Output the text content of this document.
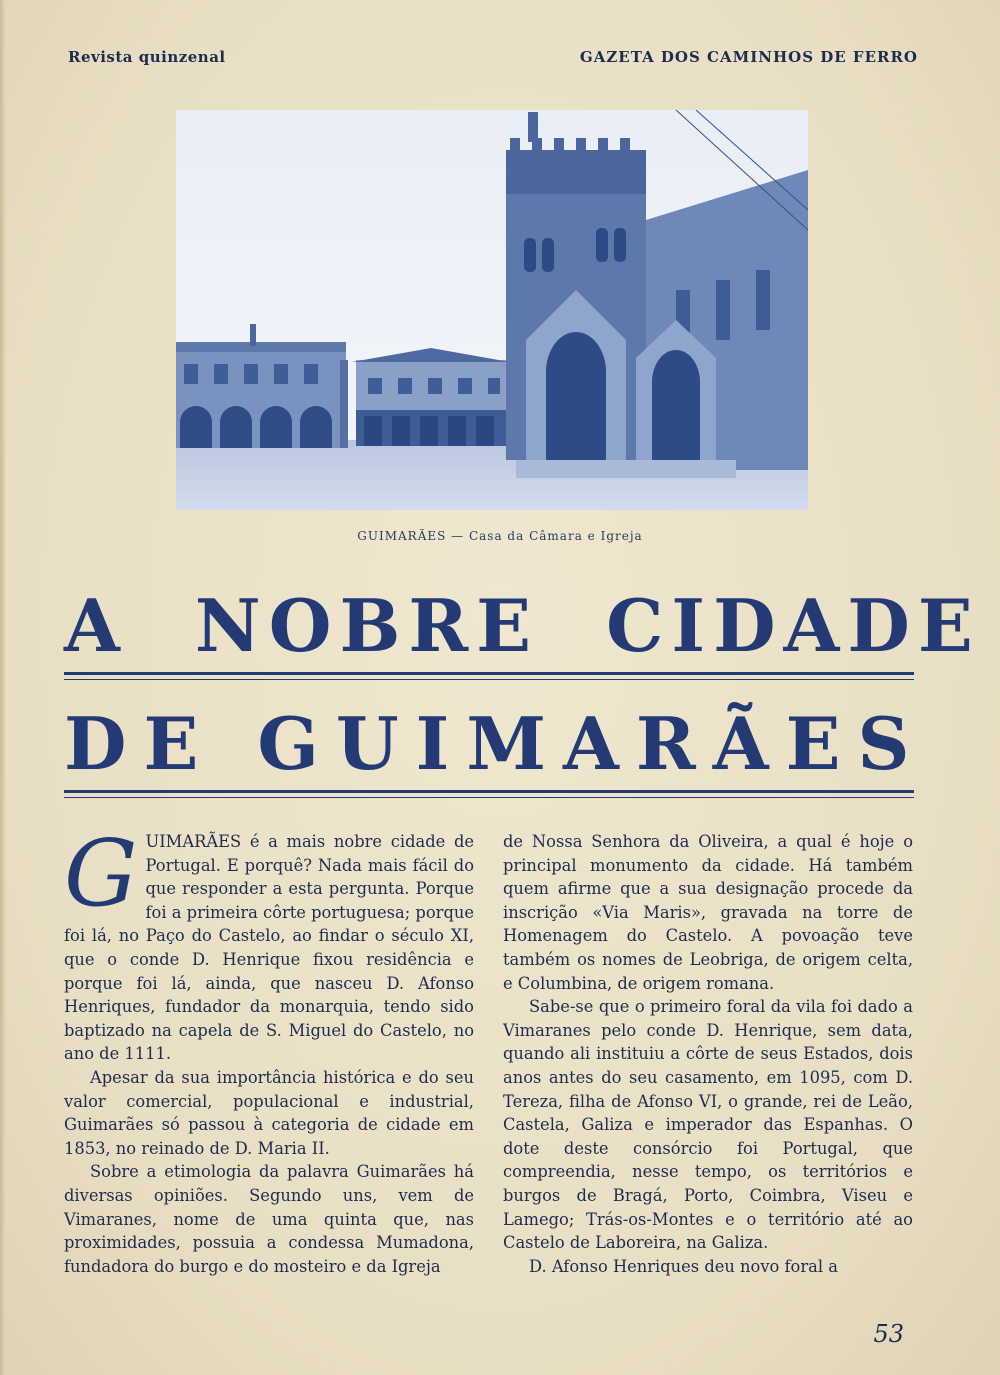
Revista quinzenal	GAZETA DOS CAMINHOS DE FERRO
GUIMARÃES — Casa da Câmara e Igreja
A NOBRE CIDADE
DE GUIMARÃES
G UIMARÃES é a mais nobre cidade de Portugal. E porquê? Nada mais fácil do que responder a esta pergunta. Porque foi a primeira côrte portuguesa; porque foi lá, no Paço do Castelo, ao findar o século XI, que o conde D. Henrique fixou residência e porque foi lá, ainda, que nasceu D. Afonso Henriques, fundador da monarquia, tendo sido baptizado na capela de S. Miguel do Castelo, no ano de 1111.

Apesar da sua importância histórica e do seu valor comercial, populacional e industrial, Guimarães só passou à categoria de cidade em 1853, no reinado de D. Maria II.

Sobre a etimologia da palavra Guimarães há diversas opiniões. Segundo uns, vem de Vimaranes, nome de uma quinta que, nas proximidades, possuia a condessa Mumadona, fundadora do burgo e do mosteiro e da Igreja

de Nossa Senhora da Oliveira, a qual é hoje o principal monumento da cidade. Há também quem afirme que a sua designação procede da inscrição «Via Maris», gravada na torre de Homenagem do Castelo. A povoação teve também os nomes de Leobriga, de origem celta, e Columbina, de origem romana.

Sabe-se que o primeiro foral da vila foi dado a Vimaranes pelo conde D. Henrique, sem data, quando ali instituiu a côrte de seus Estados, dois anos antes do seu casamento, em 1095, com D. Tereza, filha de Afonso VI, o grande, rei de Leão, Castela, Galiza e imperador das Espanhas. O dote deste consórcio foi Portugal, que compreendia, nesse tempo, os territórios e burgos de Bragá, Porto, Coimbra, Viseu e Lamego; Trás-os-Montes e o território até ao Castelo de Laboreira, na Galiza.

D. Afonso Henriques deu novo foral a

53
